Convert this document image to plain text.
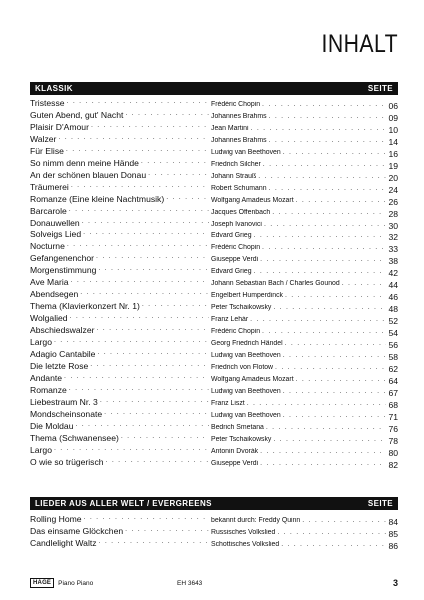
INHALT
KLASSIK	SEITE
Tristesse . . .	Frédéric Chopin . . .	06
Guten Abend, gut' Nacht . . .	Johannes Brahms . . .	09
Plaisir D'Amour . . .	Jean Martini . . .	10
Walzer . . .	Johannes Brahms . . .	14
Für Elise . . .	Ludwig van Beethoven . . .	16
So nimm denn meine Hände . . .	Friedrich Silcher . . .	19
An der schönen blauen Donau . . .	Johann Strauß . . .	20
Träumerei . . .	Robert Schumann . . .	24
Romanze (Eine kleine Nachtmusik) . . .	Wolfgang Amadeus Mozart . . .	26
Barcarole . . .	Jacques Offenbach . . .	28
Donauwellen . . .	Joseph Ivanovici . . .	30
Solveigs Lied . . .	Edvard Grieg . . .	32
Nocturne . . .	Frédéric Chopin . . .	33
Gefangenenchor . . .	Giuseppe Verdi . . .	38
Morgenstimmung . . .	Edvard Grieg . . .	42
Ave Maria . . .	Johann Sebastian Bach / Charles Gounod . . .	44
Abendsegen . . .	Engelbert Humperdinck . . .	46
Thema (Klavierkonzert Nr. 1) . . .	Peter Tschaikowsky . . .	48
Wolgalied . . .	Franz Lehár . . .	52
Abschiedswalzer . . .	Frédéric Chopin . . .	54
Largo . . .	Georg Friedrich Händel . . .	56
Adagio Cantabile . . .	Ludwig van Beethoven . . .	58
Die letzte Rose . . .	Friedrich von Flotow . . .	62
Andante . . .	Wolfgang Amadeus Mozart . . .	64
Romanze . . .	Ludwig van Beethoven . . .	67
Liebestraum Nr. 3 . . .	Franz Liszt . . .	68
Mondscheinsonate . . .	Ludwig van Beethoven . . .	71
Die Moldau . . .	Bedrich Smetana . . .	76
Thema (Schwanensee) . . .	Peter Tschaikowsky . . .	78
Largo . . .	Antonin Dvorák . . .	80
O wie so trügerisch . . .	Giuseppe Verdi . . .	82
LIEDER AUS ALLER WELT / EVERGREENS	SEITE
Rolling Home . . .	bekannt durch: Freddy Quinn . . .	84
Das einsame Glöckchen . . .	Russisches Volkslied . . .	85
Candlelight Waltz . . .	Schottisches Volkslied . . .	86
HAGE	Piano Piano	EH 3643	3
